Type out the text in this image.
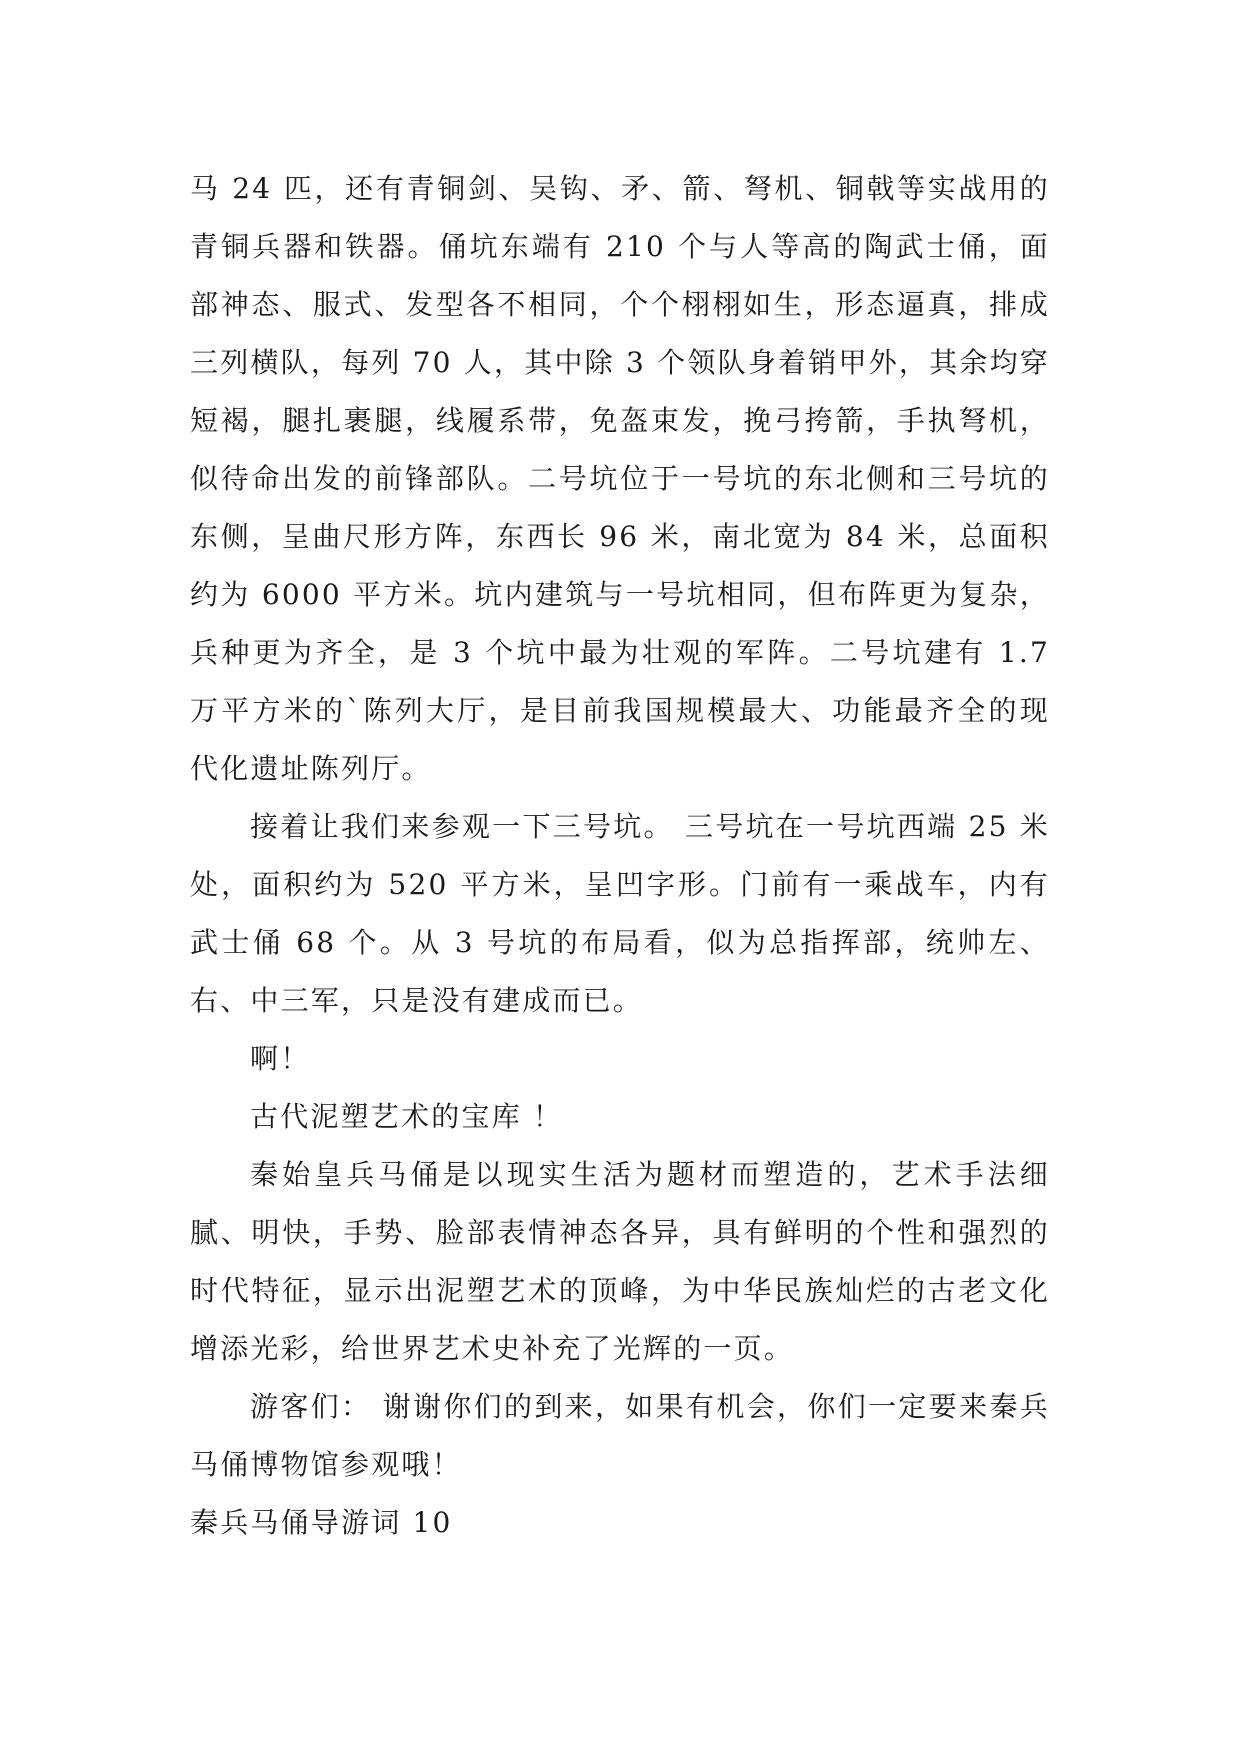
马 24 匹，还有青铜剑、吴钩、矛、箭、弩机、铜戟等实战用的青铜兵器和铁器。俑坑东端有 210 个与人等高的陶武士俑，面部神态、服式、发型各不相同，个个栩栩如生，形态逼真，排成三列横队，每列 70 人，其中除 3 个领队身着销甲外，其余均穿短褐，腿扎裹腿，线履系带，免盔束发，挽弓挎箭，手执弩机，似待命出发的前锋部队。二号坑位于一号坑的东北侧和三号坑的东侧，呈曲尺形方阵，东西长 96 米，南北宽为 84 米，总面积约为 6000 平方米。坑内建筑与一号坑相同，但布阵更为复杂，兵种更为齐全，是 3 个坑中最为壮观的军阵。二号坑建有 1.7 万平方米的`陈列大厅，是目前我国规模最大、功能最齐全的现代化遗址陈列厅。

接着让我们来参观一下三号坑。 三号坑在一号坑西端 25 米处，面积约为 520 平方米，呈凹字形。门前有一乘战车，内有武士俑 68 个。从 3 号坑的布局看，似为总指挥部，统帅左、右、中三军，只是没有建成而已。

啊！

古代泥塑艺术的宝库 ！

秦始皇兵马俑是以现实生活为题材而塑造的，艺术手法细腻、明快，手势、脸部表情神态各异，具有鲜明的个性和强烈的时代特征，显示出泥塑艺术的顶峰，为中华民族灿烂的古老文化增添光彩，给世界艺术史补充了光辉的一页。

游客们： 谢谢你们的到来，如果有机会，你们一定要来秦兵马俑博物馆参观哦！

秦兵马俑导游词 10
